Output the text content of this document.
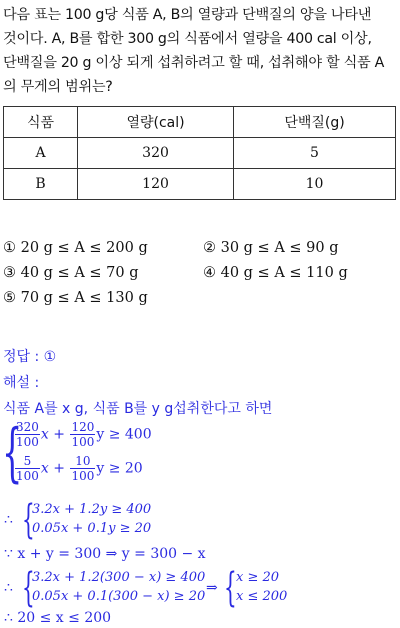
다음 표는 100 g당 식품 A, B의 열량과 단백질의 양을 나타낸
것이다. A, B를 합한 300 g의 식품에서 열량을 400 cal 이상,
단백질을 20 g 이상 되게 섭취하려고 할 때, 섭취해야 할 식품 A
의 무게의 범위는?
식품	열량(cal)	단백질(g)
A	320	5
B	120	10
① 20 g ≤ A ≤ 200 g	② 30 g ≤ A ≤ 90 g
③ 40 g ≤ A ≤ 70 g	④ 40 g ≤ A ≤ 110 g
⑤ 70 g ≤ A ≤ 130 g
정답 : ①
해설 :
식품 A를 x g, 식품 B를 y g섭취한다고 하면
{
$\frac{320}{100}$ $x + \frac{120}{100}$ y ≥ 400
$\frac{5}{100}$ $x + \frac{10}{100}$ y ≥ 20
∴ {
3.2x + 1.2y ≥ 400
0.05x + 0.1y ≥ 20
∵ x + y = 300 ⇒ y = 300 − x
∴ {
3.2x + 1.2(300 − x) ≥ 400
0.05x + 0.1(300 − x) ≥ 20
⇒ { x ≥ 20
x ≤ 200
∴ 20 ≤ x ≤ 200
